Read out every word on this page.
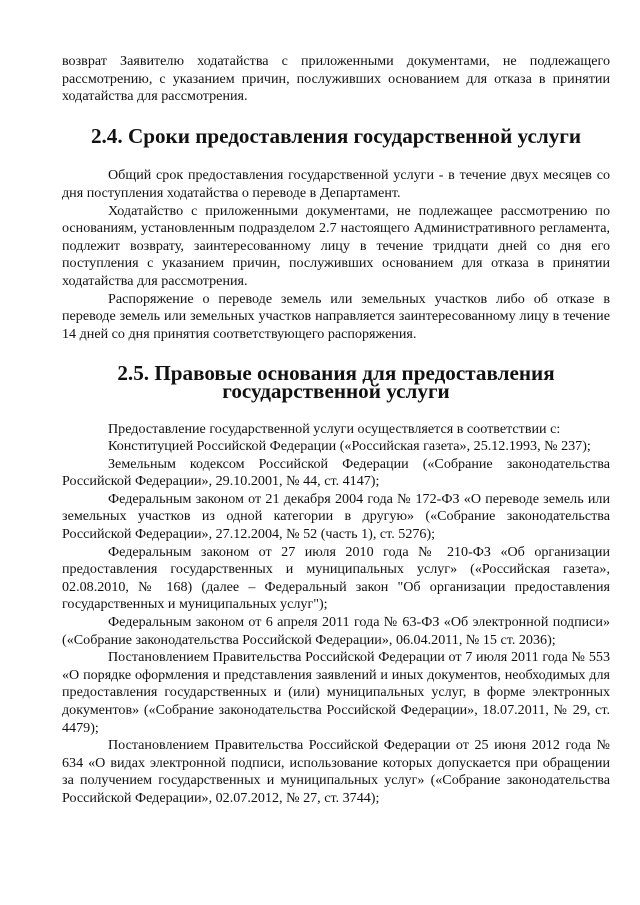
возврат Заявителю ходатайства с приложенными документами, не подлежащего рассмотрению, с указанием причин, послуживших основанием для отказа в принятии ходатайства для рассмотрения.

2.4. Сроки предоставления государственной услуги

Общий срок предоставления государственной услуги - в течение двух месяцев со дня поступления ходатайства о переводе в Департамент.

Ходатайство с приложенными документами, не подлежащее рассмотрению по основаниям, установленным подразделом 2.7 настоящего Административного регламента, подлежит возврату, заинтересованному лицу в течение тридцати дней со дня его поступления с указанием причин, послуживших основанием для отказа в принятии ходатайства для рассмотрения.

Распоряжение о переводе земель или земельных участков либо об отказе в переводе земель или земельных участков направляется заинтересованному лицу в течение 14 дней со дня принятия соответствующего распоряжения.

2.5. Правовые основания для предоставления государственной услуги

Предоставление государственной услуги осуществляется в соответствии с:

Конституцией Российской Федерации («Российская газета», 25.12.1993, № 237);

Земельным кодексом Российской Федерации («Собрание законодательства Российской Федерации», 29.10.2001, № 44, ст. 4147);

Федеральным законом от 21 декабря 2004 года № 172-ФЗ «О переводе земель или земельных участков из одной категории в другую» («Собрание законодательства Российской Федерации», 27.12.2004, № 52 (часть 1), ст. 5276);

Федеральным законом от 27 июля 2010 года № 210-ФЗ «Об организации предоставления государственных и муниципальных услуг» («Российская газета», 02.08.2010, № 168) (далее – Федеральный закон "Об организации предоставления государственных и муниципальных услуг");

Федеральным законом от 6 апреля 2011 года № 63-ФЗ «Об электронной подписи» («Собрание законодательства Российской Федерации», 06.04.2011, № 15 ст. 2036);

Постановлением Правительства Российской Федерации от 7 июля 2011 года № 553 «О порядке оформления и представления заявлений и иных документов, необходимых для предоставления государственных и (или) муниципальных услуг, в форме электронных документов» («Собрание законодательства Российской Федерации», 18.07.2011, № 29, ст. 4479);

Постановлением Правительства Российской Федерации от 25 июня 2012 года № 634 «О видах электронной подписи, использование которых допускается при обращении за получением государственных и муниципальных услуг» («Собрание законодательства Российской Федерации», 02.07.2012, № 27, ст. 3744);
